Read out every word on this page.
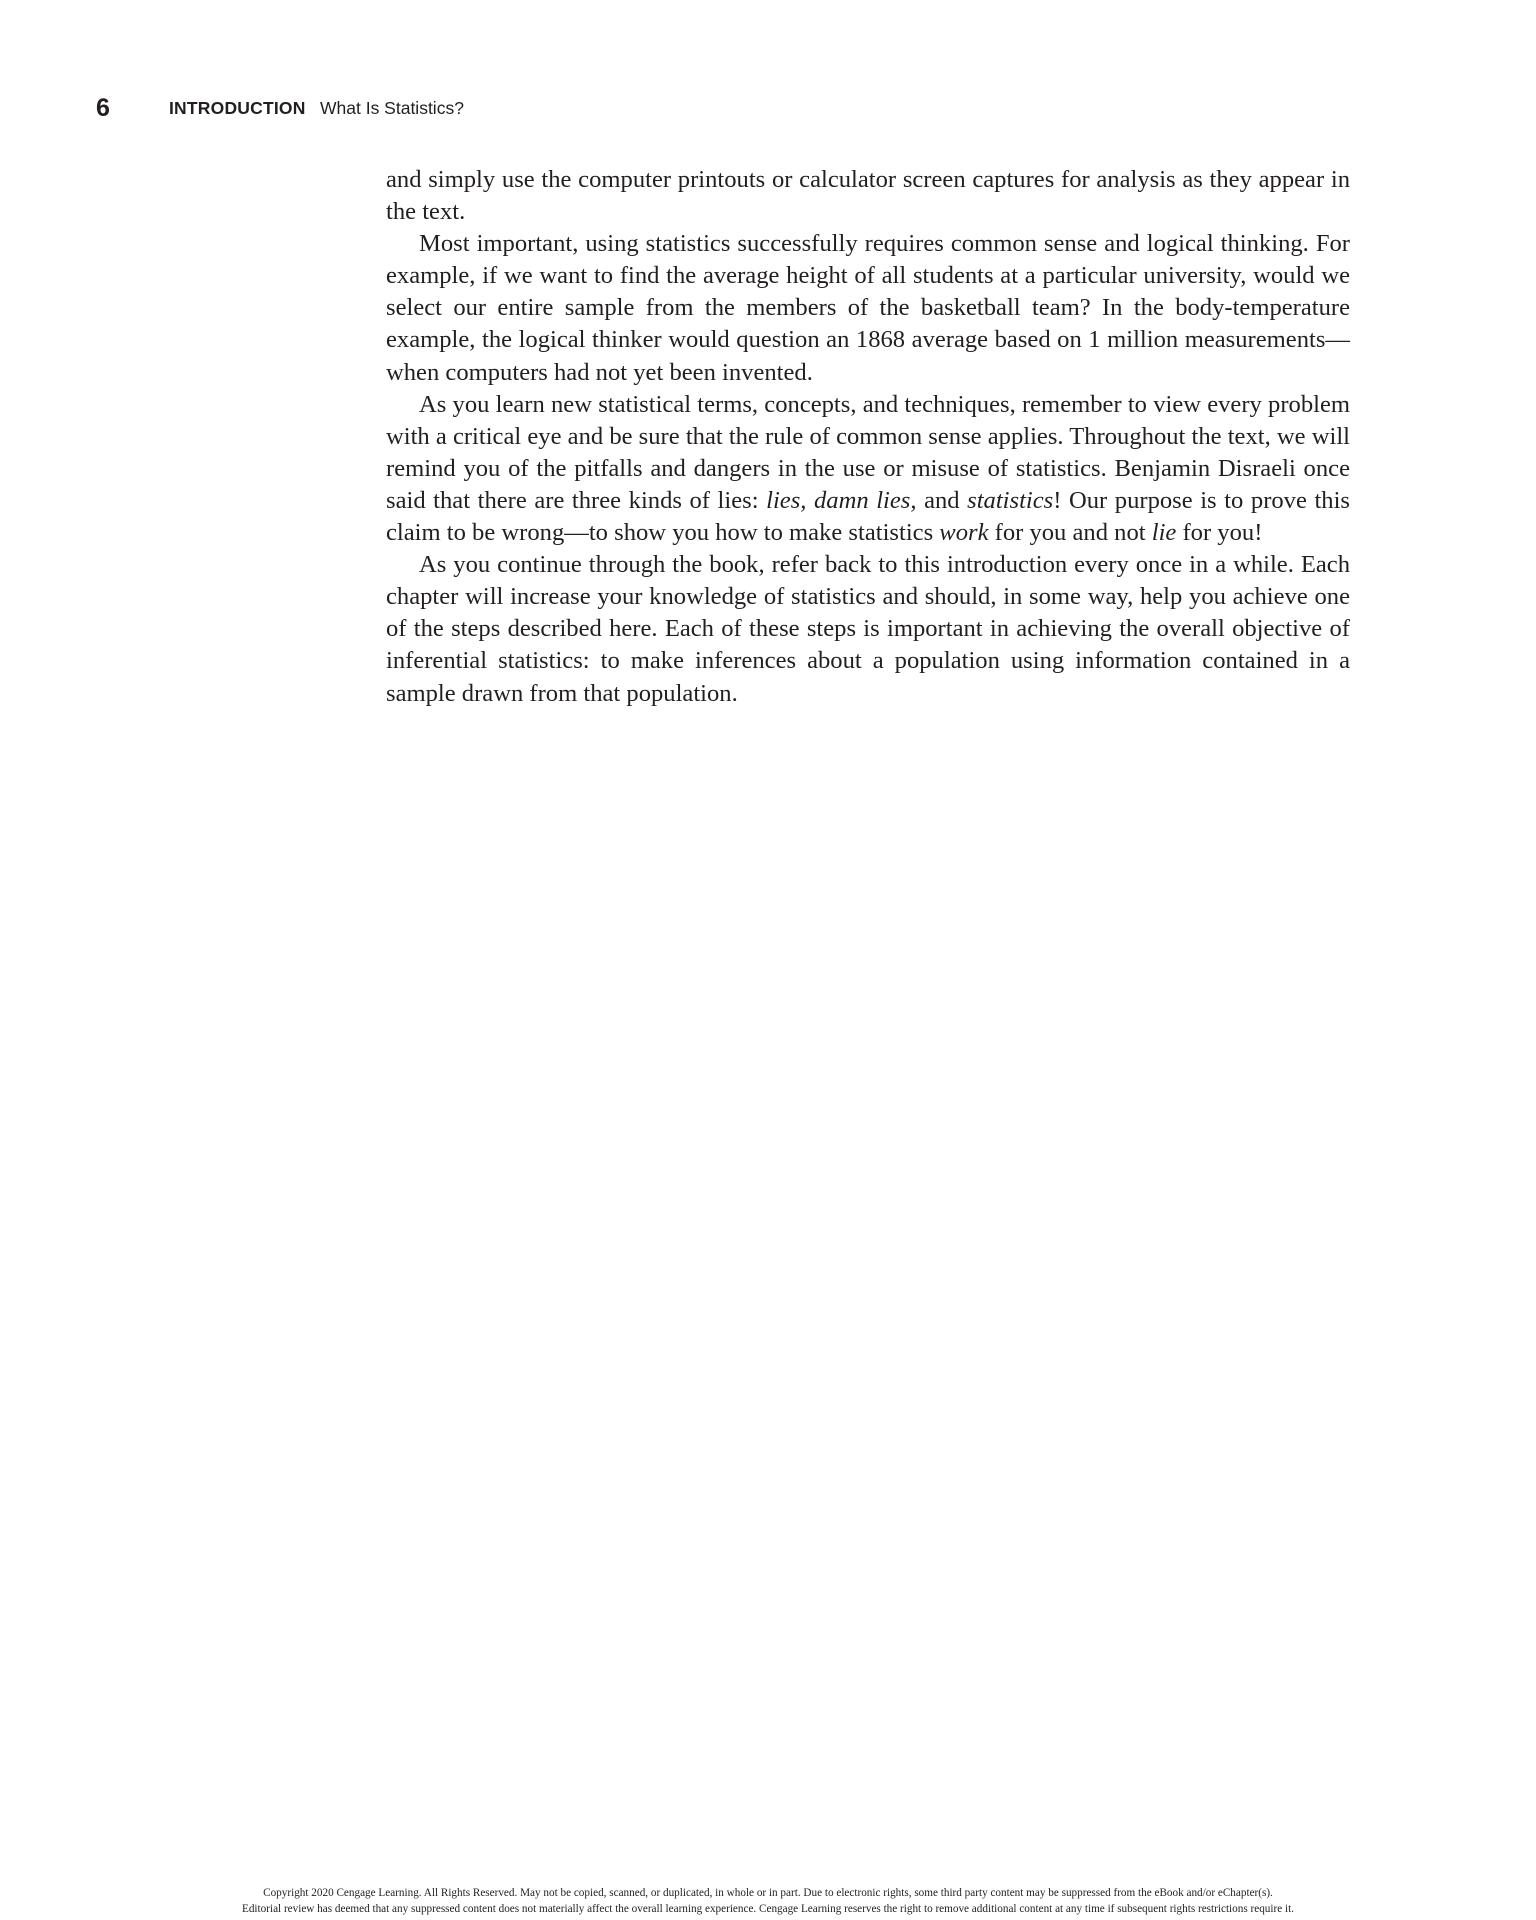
6	INTRODUCTION What Is Statistics?

and simply use the computer printouts or calculator screen captures for analysis as they appear in the text.

Most important, using statistics successfully requires common sense and logical thinking. For example, if we want to find the average height of all students at a particular university, would we select our entire sample from the members of the basketball team? In the body-temperature example, the logical thinker would question an 1868 average based on 1 million measurements—when computers had not yet been invented.

As you learn new statistical terms, concepts, and techniques, remember to view every problem with a critical eye and be sure that the rule of common sense applies. Throughout the text, we will remind you of the pitfalls and dangers in the use or misuse of statistics. Benjamin Disraeli once said that there are three kinds of lies: lies, damn lies, and statistics! Our purpose is to prove this claim to be wrong—to show you how to make statistics work for you and not lie for you!

As you continue through the book, refer back to this introduction every once in a while. Each chapter will increase your knowledge of statistics and should, in some way, help you achieve one of the steps described here. Each of these steps is important in achieving the overall objective of inferential statistics: to make inferences about a population using information contained in a sample drawn from that population.

Copyright 2020 Cengage Learning. All Rights Reserved. May not be copied, scanned, or duplicated, in whole or in part. Due to electronic rights, some third party content may be suppressed from the eBook and/or eChapter(s).
Editorial review has deemed that any suppressed content does not materially affect the overall learning experience. Cengage Learning reserves the right to remove additional content at any time if subsequent rights restrictions require it.
